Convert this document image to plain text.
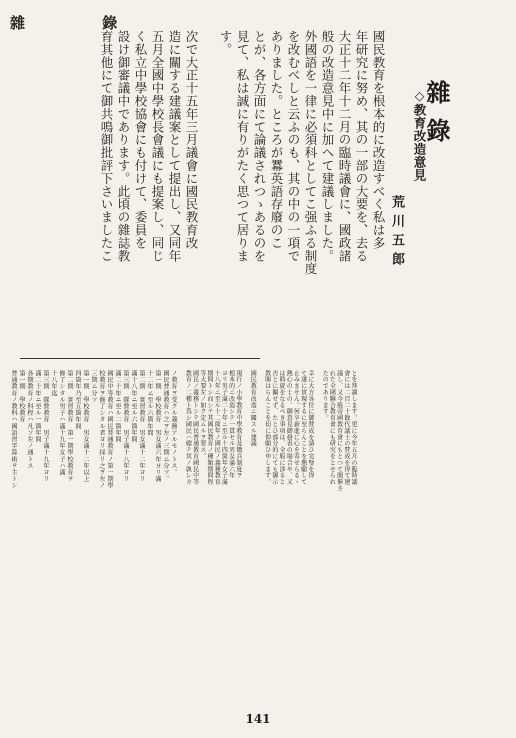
雜 錄
雜錄
◇教育改造意見
荒川五郎
國民教育を根本的に改造すべく私は多
年研究に努め、其の一部の大要を、去る
大正十二年十二月の臨時議會に、國政諸
般の改造意見中に加へて建議しました。
外國語を一律に必須科としてこ强ふる制度
を改むべしと云ふのも、其の中の一項で
ありました。ところが羃英語存廢のこ
とが、各方面にて論議されつゝあるのを
見て、私は誠に有りがたく思つて居りま
す。
次で大正十五年三月議會に國民教育改
造に關する建議案として提出し、又同年
五月全國中學校長會議にも提案し、同じ
く私立中學校協會にも付けて、委員を
設け御審議中であります。此頃の雜誌教
育其他にて御共鳴御批評下さいましたこ
とを拜謝します。更に今年五月の臨時議
會には二百二十餘代議士の賛成を得て建
議し、又今般帝國教育會にもとつて開催さ
れた全國聯合教育會にも研究をとせられ
たのであります。
幸に大方各位に御賛成を請ひ完璧を得
て遂に實現するに至らんことを懇願して
止みません。何卒新進に心を寄せらるゝ
熱心の士の、御意見御發表の場合や、又
は斡旋をなるべき事項は、全般に渉ると
否とに關せず、たとひ部分的にても御示
教賜はらんことを切に仰願ひ申します。
國民教育改造ニ關スル建議
現行ノ小學教育中學教育及徵兵制度ヲ
根本的ニ改造シテ一貫セル男女滿六年
ヨリ男子滿二十年ニ至ル十四箇年女子滿
十八年ニ至ル十二箇年ノ國民ノ義務教育
期間トシ而シテ其國民教育ノ種類期間程
等大要左ノ如ク定ムルヲ要ス。
國民ノ義務トシテ國民普通教育國民中等
教育ノ二種ト爲シ國民ハ總テ其ノ孰レカ
ノ教育ヲ受クル義務アルモノトス。
國民普通教育ハ之ヲ左ノ三期ニ分ツ。
第一期　學校教育　男女滿六年ヨリ滿
十二年ニ至ル六箇年間
第二期　實習教育　男女滿十二年ヨリ
滿十八年ニ至ル六箇年間
第三期　隊營教育　男子滿十八年ヨリ
滿二十年ニ至ル二箇年間
國民中等教育ハ國民普通教育ノ第一期學
校教育ヲ修了シタル者ヨリ採リ之ヲ左ノ
三期ニ分ツ
第一期　學校教育　男女滿十二年以上
四箇年乃至五箇年間
第二期　實習教育　第一期學校教育ヲ
修了シタル男子ハ滿十九年女子ハ滿
十八年迄
第三期　隊營教育　男子滿十九年ヨリ
滿二十年ニ至ル一箇年間
各期教育ノ科程ハ凡ソ左ノ通トス
第一期　學校教育
普通教育ノ教科ハ國語習字算術ヲ主トシ
141
